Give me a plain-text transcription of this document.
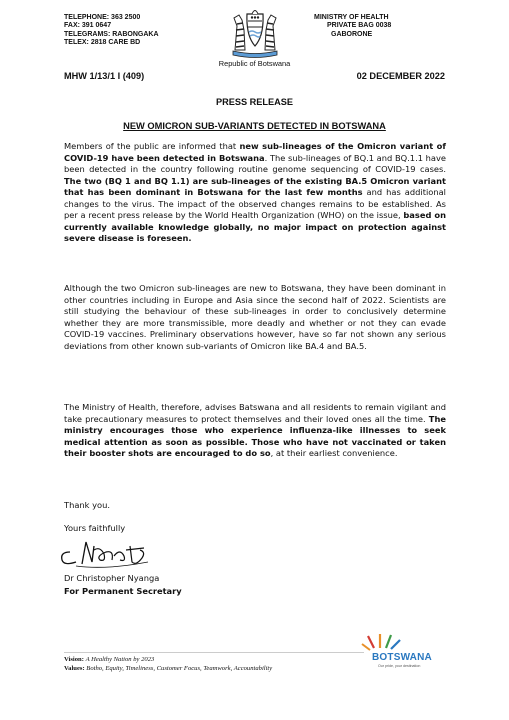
TELEPHONE: 363 2500
FAX: 391 0647
TELEGRAMS: RABONGAKA
TELEX: 2818 CARE BD
MINISTRY OF HEALTH
PRIVATE BAG 0038
GABORONE
Republic of Botswana
MHW 1/13/1 I (409)	02 DECEMBER 2022
PRESS RELEASE
NEW OMICRON SUB-VARIANTS DETECTED IN BOTSWANA
Members of the public are informed that new sub-lineages of the Omicron variant of COVID-19 have been detected in Botswana. The sub-lineages of BQ.1 and BQ.1.1 have been detected in the country following routine genome sequencing of COVID-19 cases. The two (BQ 1 and BQ 1.1) are sub-lineages of the existing BA.5 Omicron variant that has been dominant in Botswana for the last few months and has additional changes to the virus. The impact of the observed changes remains to be established. As per a recent press release by the World Health Organization (WHO) on the issue, based on currently available knowledge globally, no major impact on protection against severe disease is foreseen.
Although the two Omicron sub-lineages are new to Botswana, they have been dominant in other countries including in Europe and Asia since the second half of 2022. Scientists are still studying the behaviour of these sub-lineages in order to conclusively determine whether they are more transmissible, more deadly and whether or not they can evade COVID-19 vaccines. Preliminary observations however, have so far not shown any serious deviations from other known sub-variants of Omicron like BA.4 and BA.5.
The Ministry of Health, therefore, advises Batswana and all residents to remain vigilant and take precautionary measures to protect themselves and their loved ones all the time. The ministry encourages those who experience influenza-like illnesses to seek medical attention as soon as possible. Those who have not vaccinated or taken their booster shots are encouraged to do so, at their earliest convenience.
Thank you.
Yours faithfully
Dr Christopher Nyanga
For Permanent Secretary
Vision: A Healthy Nation by 2023
Values: Botho, Equity, Timeliness, Customer Focus, Teamwork, Accountability
BOTSWANA
Our pride, your destination
